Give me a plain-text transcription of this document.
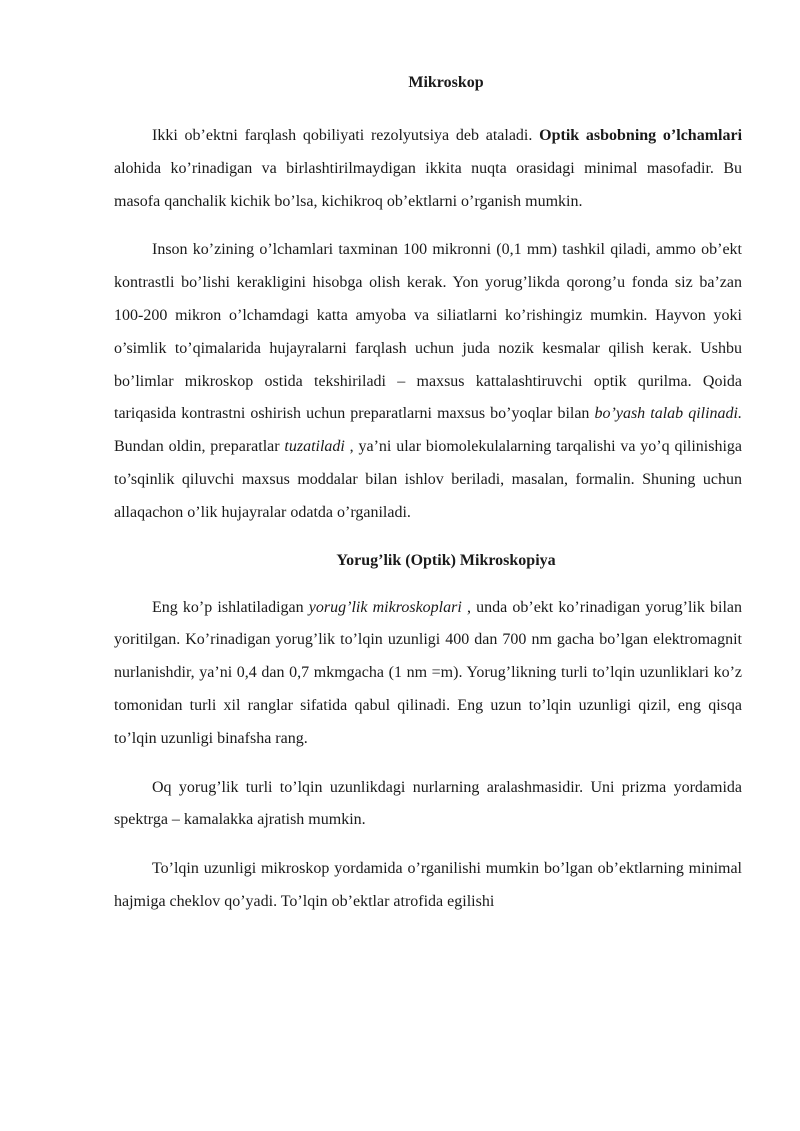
Mikroskop

Ikki ob’ektni farqlash qobiliyati rezolyutsiya deb ataladi. Optik asbobning o’lchamlari alohida ko’rinadigan va birlashtirilmaydigan ikkita nuqta orasidagi minimal masofadir. Bu masofa qanchalik kichik bo’lsa, kichikroq ob’ektlarni o’rganish mumkin.

Inson ko’zining o’lchamlari taxminan 100 mikronni (0,1 mm) tashkil qiladi, ammo ob’ekt kontrastli bo’lishi kerakligini hisobga olish kerak. Yon yorug’likda qorong’u fonda siz ba’zan 100-200 mikron o’lchamdagi katta amyoba va siliatlarni ko’rishingiz mumkin. Hayvon yoki o’simlik to’qimalarida hujayralarni farqlash uchun juda nozik kesmalar qilish kerak. Ushbu bo’limlar mikroskop ostida tekshiriladi – maxsus kattalashtiruvchi optik qurilma. Qoida tariqasida kontrastni oshirish uchun preparatlarni maxsus bo’yoqlar bilan bo’yash talab qilinadi. Bundan oldin, preparatlar tuzatiladi , ya’ni ular biomolekulalarning tarqalishi va yo’q qilinishiga to’sqinlik qiluvchi maxsus moddalar bilan ishlov beriladi, masalan, formalin. Shuning uchun allaqachon o’lik hujayralar odatda o’rganiladi.

Yorug’lik (Optik) Mikroskopiya

Eng ko’p ishlatiladigan yorug’lik mikroskoplari , unda ob’ekt ko’rinadigan yorug’lik bilan yoritilgan. Ko’rinadigan yorug’lik to’lqin uzunligi 400 dan 700 nm gacha bo’lgan elektromagnit nurlanishdir, ya’ni 0,4 dan 0,7 mkmgacha (1 nm =m). Yorug’likning turli to’lqin uzunliklari ko’z tomonidan turli xil ranglar sifatida qabul qilinadi. Eng uzun to’lqin uzunligi qizil, eng qisqa to’lqin uzunligi binafsha rang.

Oq yorug’lik turli to’lqin uzunlikdagi nurlarning aralashmasidir. Uni prizma yordamida spektrga – kamalakka ajratish mumkin.

To’lqin uzunligi mikroskop yordamida o’rganilishi mumkin bo’lgan ob’ektlarning minimal hajmiga cheklov qo’yadi. To’lqin ob’ektlar atrofida egilishi
